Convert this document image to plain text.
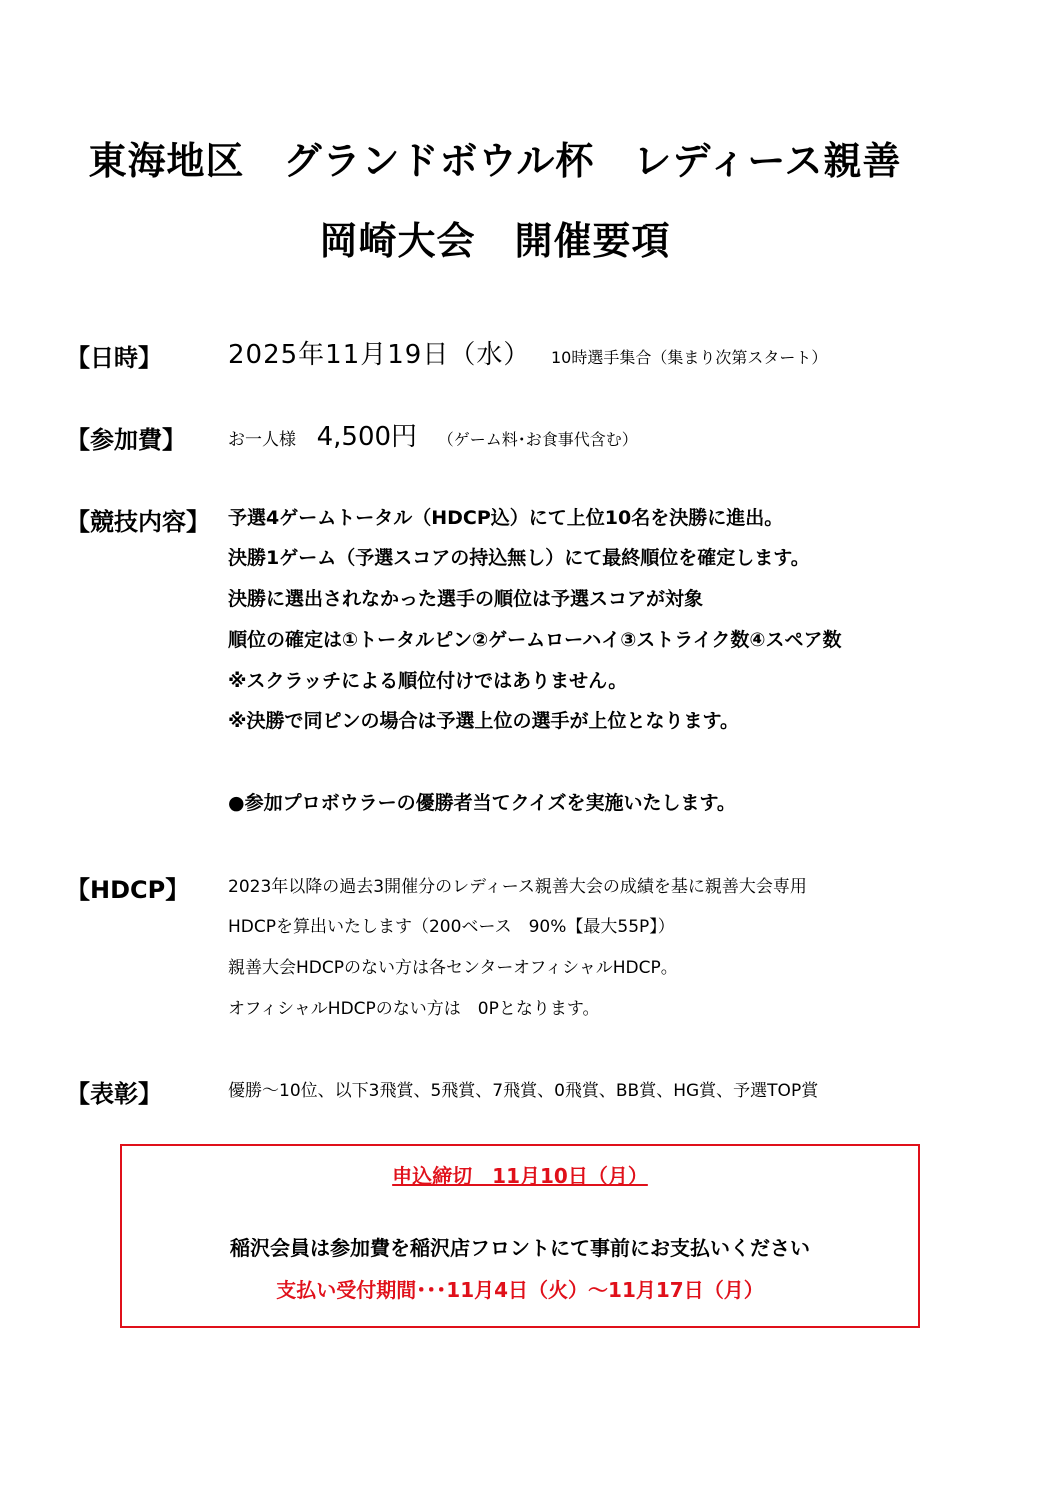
東海地区　グランドボウル杯　レディース親善
岡崎大会　開催要項
【日時】	2025年11月19日（水） 10時選手集合（集まり次第スタート）
【参加費】 お一人様 4,500円 （ゲーム料･お食事代含む）
【競技内容】 予選4ゲームトータル（HDCP込）にて上位10名を決勝に進出。
決勝1ゲーム（予選スコアの持込無し）にて最終順位を確定します。
決勝に選出されなかった選手の順位は予選スコアが対象
順位の確定は①トータルピン②ゲームローハイ③ストライク数④スペア数
※スクラッチによる順位付けではありません。
※決勝で同ピンの場合は予選上位の選手が上位となります。
●参加プロボウラーの優勝者当てクイズを実施いたします。
【HDCP】 2023年以降の過去3開催分のレディース親善大会の成績を基に親善大会専用
HDCPを算出いたします（200ベース　90%【最大55P】）
親善大会HDCPのない方は各センターオフィシャルHDCP。
オフィシャルHDCPのない方は　0Pとなります。
【表彰】	優勝～10位、以下3飛賞、5飛賞、7飛賞、0飛賞、BB賞、HG賞、予選TOP賞
申込締切　11月10日（月）
稲沢会員は参加費を稲沢店フロントにて事前にお支払いください
支払い受付期間･･･11月4日（火）～11月17日（月）
